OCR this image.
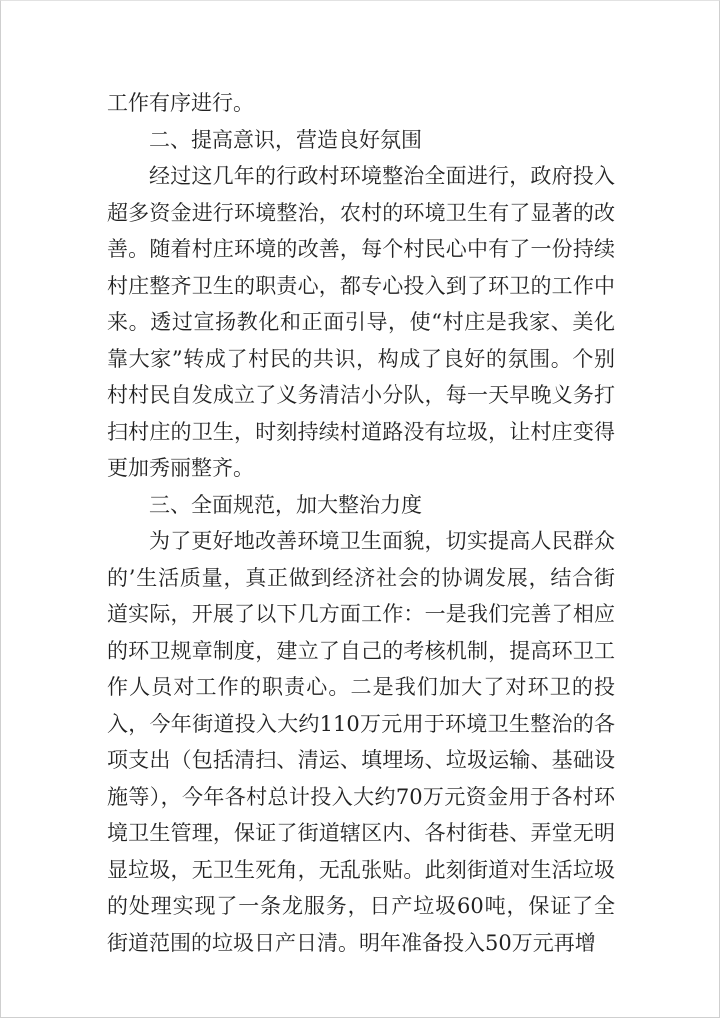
工作有序进行。

二、提高意识，营造良好氛围

经过这几年的行政村环境整治全面进行，政府投入超多资金进行环境整治，农村的环境卫生有了显著的改善。随着村庄环境的改善，每个村民心中有了一份持续村庄整齐卫生的职责心，都专心投入到了环卫的工作中来。透过宣扬教化和正面引导，使“村庄是我家、美化靠大家”转成了村民的共识，构成了良好的氛围。个别村村民自发成立了义务清洁小分队，每一天早晚义务打扫村庄的卫生，时刻持续村道路没有垃圾，让村庄变得更加秀丽整齐。

三、全面规范，加大整治力度

为了更好地改善环境卫生面貌，切实提高人民群众的’生活质量，真正做到经济社会的协调发展，结合街道实际，开展了以下几方面工作：一是我们完善了相应的环卫规章制度，建立了自己的考核机制，提高环卫工作人员对工作的职责心。二是我们加大了对环卫的投入，今年街道投入大约110万元用于环境卫生整治的各项支出（包括清扫、清运、填埋场、垃圾运输、基础设施等），今年各村总计投入大约70万元资金用于各村环境卫生管理，保证了街道辖区内、各村街巷、弄堂无明显垃圾，无卫生死角，无乱张贴。此刻街道对生活垃圾的处理实现了一条龙服务，日产垃圾60吨，保证了全街道范围的垃圾日产日清。明年准备投入50万元再增
